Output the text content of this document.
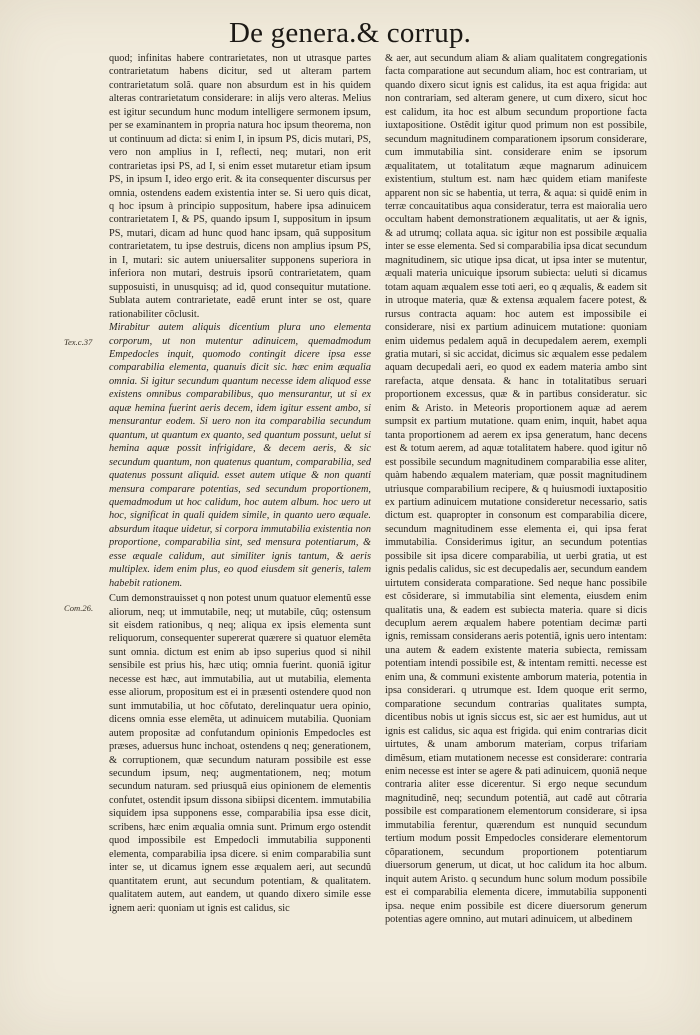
De genera.& corrup.
Tex.c.37
Com.26.

quod; infinitas habere contrarietates, non ut utrasque partes contrarietatum habens dicitur, sed ut alteram partem contrarietatum solã. quare non absurdum est in his quidem alteras contrarietatum considerare: in alijs vero alteras. Melius est igitur secundum hunc modum intelligere sermonem ipsum, per se examinantem in propria natura hoc ipsum theorema, non ut continuum ad dicta: si enim I, in ipsum PS, dicis mutari, PS, vero non amplius in I, reflecti, neq; mutari, non erit contrarietas ipsi PS, ad I, si enim esset mutaretur etiam ipsum PS, in ipsum I, ideo ergo erit. & ita consequenter discursus per omnia, ostendens eadem existentia inter se. Si uero quis dicat, q hoc ipsum à principio suppositum, habere ipsa adinuicem contrarietatem I, & PS, quando ipsum I, suppositum in ipsum PS, mutari, dicam ad hunc quod hanc ipsam, quã suppositum contrarietatem, tu ipse destruis, dicens non amplius ipsum PS, in I, mutari: sic autem uniuersaliter supponens superiora in inferiora non mutari, destruis ipsorũ contrarietatem, quam supposuisti, in unusquisq; ad id, quod consequitur mutatione. Sublata autem contrarietate, eadẽ erunt inter se ost, quare rationabiliter cõclusit.

Mirabitur autem aliquis dicentium plura uno elementa corporum, ut non mutentur adinuicem, quemadmodum Empedocles inquit, quomodo contingit dicere ipsa esse comparabilia elementa, quanuis dicit sic. hæc enim æqualia omnia. Si igitur secundum quantum necesse idem aliquod esse existens omnibus comparabilibus, quo mensurantur, ut si ex aquæ hemina fuerint aeris decem, idem igitur essent ambo, si mensurantur eodem. Si uero non ita comparabilia secundum quantum, ut quantum ex quanto, sed quantum possunt, uelut si hemina aquæ possit infrigidare, & decem aeris, & sic secundum quantum, non quatenus quantum, comparabilia, sed quatenus possunt aliquid. esset autem utique & non quanti mensura comparare potentias, sed secundum proportionem, quemadmodum ut hoc calidum, hoc autem album. hoc uero ut hoc, significat in quali quidem simile, in quanto uero æquale. absurdum itaque uidetur, si corpora immutabilia existentia non proportione, comparabilia sint, sed mensura potentiarum, & esse æquale calidum, aut similiter ignis tantum, & aeris multiplex. idem enim plus, eo quod eiusdem sit generis, talem habebit rationem.

Cum demonstrauisset q non potest unum quatuor elementũ esse aliorum, neq; ut immutabile, neq; ut mutabile, cũq; ostensum sit eisdem rationibus, q neq; aliqua ex ipsis elementa sunt reliquorum, consequenter supererat quærere si quatuor elemẽta sunt omnia. dictum est enim ab ipso superius quod si nihil sensibile est prius his, hæc utiq; omnia fuerint. quoniã igitur necesse est hæc, aut immutabilia, aut ut mutabilia, elementa esse aliorum, propositum est ei in præsenti ostendere quod non sunt immutabilia, ut hoc cõfutato, derelinquatur uera opinio, dicens omnia esse elemẽta, ut adinuicem mutabilia. Quoniam autem propositæ ad confutandum opinionis Empedocles est præses, aduersus hunc inchoat, ostendens q neq; generationem, & corruptionem, quæ secundum naturam possibile est esse secundum ipsum, neq; augmentationem, neq; motum secundum naturam. sed priusquã eius opinionem de elementis confutet, ostendit ipsum dissona sibiipsi dicentem. immutabilia siquidem ipsa supponens esse, comparabilia ipsa esse dicit, scribens, hæc enim æqualia omnia sunt. Primum ergo ostendit quod impossibile est Empedocli immutabilia supponenti elementa, comparabilia ipsa dicere. si enim comparabilia sunt inter se, ut dicamus ignem esse æqualem aeri, aut secundũ quantitatem erunt, aut secundum potentiam, & qualitatem. qualitatem autem, aut eandem, ut quando dixero simile esse ignem aeri: quoniam ut ignis est calidus, sic

& aer, aut secundum aliam & aliam qualitatem congregationis facta comparatione aut secundum aliam, hoc est contrariam, ut quando dixero sicut ignis est calidus, ita est aqua frigida: aut non contrariam, sed alteram genere, ut cum dixero, sicut hoc est calidum, ita hoc est album secundum proportione facta iuxtapositione. Ostẽdit igitur quod primum non est possibile, secundum magnitudinem comparationem ipsorum considerare, cum immutabilia sint. considerare enim se ipsorum æqualitatem, ut totalitatum æque magnarum adinuicem existentium, stultum est. nam hæc quidem etiam manifeste apparent non sic se habentia, ut terra, & aqua: si quidẽ enim in terræ concauitatibus aqua consideratur, terra est maioralia uero occultam habent demonstrationem æqualitatis, ut aer & ignis, & ad utrumq; collata aqua. sic igitur non est possibile æqualia inter se esse elementa. Sed si comparabilia ipsa dicat secundum magnitudinem, sic utique ipsa dicat, ut ipsa inter se mutentur, æquali materia unicuique ipsorum subiecta: ueluti si dicamus totam aquam æqualem esse toti aeri, eo q æqualis, & eadem sit in utroque materia, quæ & extensa æqualem facere potest, & rursus contracta aquam: hoc autem est impossibile ei considerare, nisi ex partium adinuicem mutatione: quoniam enim uidemus pedalem aquã in decupedalem aerem, exempli gratia mutari, si sic accidat, dicimus sic æqualem esse pedalem aquam decupedali aeri, eo quod ex eadem materia ambo sint rarefacta, atque densata. & hanc in totalitatibus seruari proportionem excessus, quæ & in partibus consideratur. sic enim & Aristo. in Meteoris proportionem aquæ ad aerem sumpsit ex partium mutatione. quam enim, inquit, habet aqua tanta proportionem ad aerem ex ipsa generatum, hanc decens est & totum aerem, ad aquæ totalitatem habere. quod igitur nõ est possibile secundum magnitudinem comparabilia esse aliter, quàm habendo æqualem materiam, quæ possit magnitudinem utriusque comparabilium recipere, & q huiusmodi iuxtapositio ex partium adinuicem mutatione consideretur necessario, satis dictum est. quapropter in consonum est comparabilia dicere, secundum magnitudinem esse elementa ei, qui ipsa ferat immutabilia. Considerimus igitur, an secundum potentias possibile sit ipsa dicere comparabilia, ut uerbi gratia, ut est ignis pedalis calidus, sic est decupedalis aer, secundum eandem uirtutem considerata comparatione. Sed neque hanc possibile est cõsiderare, si immutabilia sint elementa, eiusdem enim qualitatis una, & eadem est subiecta materia. quare si dicis decuplum aerem æqualem habere potentiam decimæ parti ignis, remissam considerans aeris potentiã, ignis uero intentam: una autem & eadem existente materia subiecta, remissam potentiam intendi possibile est, & intentam remitti. necesse est enim una, & communi existente amborum materia, potentia in ipsa considerari. q utrumque est. Idem quoque erit sermo, comparatione secundum contrarias qualitates sumpta, dicentibus nobis ut ignis siccus est, sic aer est humidus, aut ut ignis est calidus, sic aqua est frigida. qui enim contrarias dicit uirtutes, & unam amborum materiam, corpus trifariam dimẽsum, etiam mutationem necesse est considerare: contraria enim necesse est inter se agere & pati adinuicem, quoniã neque contraria aliter esse dicerentur. Si ergo neque secundum magnitudinẽ, neq; secundum potentiã, aut cadẽ aut cõtraria possibile est comparationem elementorum considerare, si ipsa immutabilia ferentur, quærendum est nunquid secundum tertium modum possit Empedocles considerare elementorum cõparationem, secundum proportionem potentiarum diuersorum generum, ut dicat, ut hoc calidum ita hoc album. inquit autem Aristo. q secundum hunc solum modum possibile est ei comparabilia elementa dicere, immutabilia supponenti ipsa. neque enim possibile est dicere diuersorum generum potentias agere omnino, aut mutari adinuicem, ut albedinem
